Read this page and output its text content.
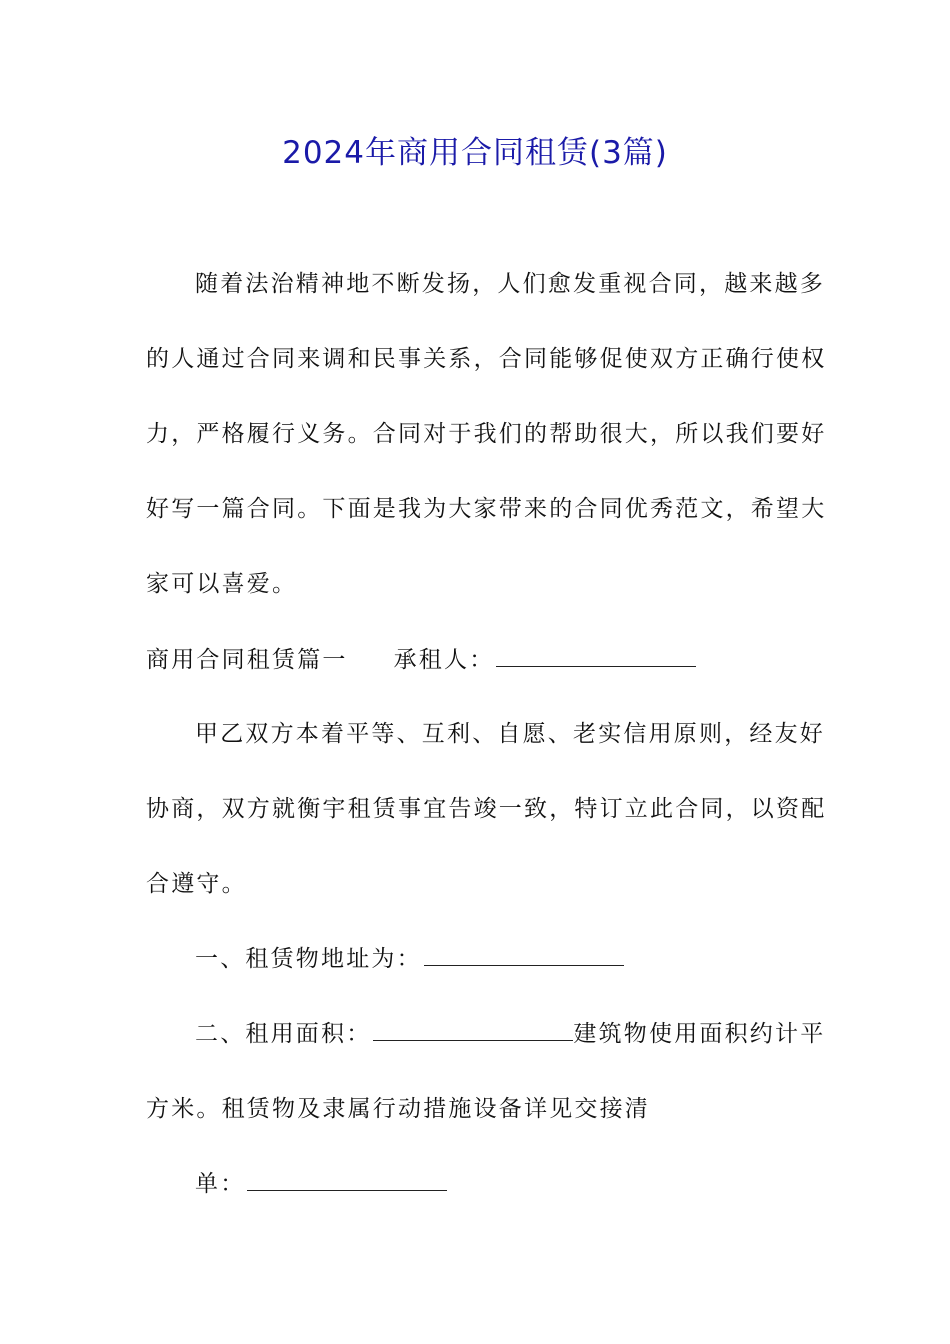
2024年商用合同租赁(3篇)
随着法治精神地不断发扬，人们愈发重视合同，越来越多
的人通过合同来调和民事关系，合同能够促使双方正确行使权
力，严格履行义务。合同对于我们的帮助很大，所以我们要好
好写一篇合同。下面是我为大家带来的合同优秀范文，希望大
家可以喜爱。
商用合同租赁篇一 承租人：
甲乙双方本着平等、互利、自愿、老实信用原则，经友好
协商，双方就衡宇租赁事宜告竣一致，特订立此合同，以资配
合遵守。
一、租赁物地址为：
二、租用面积：	建筑物使用面积约计平
方米。租赁物及隶属行动措施设备详见交接清
单：
